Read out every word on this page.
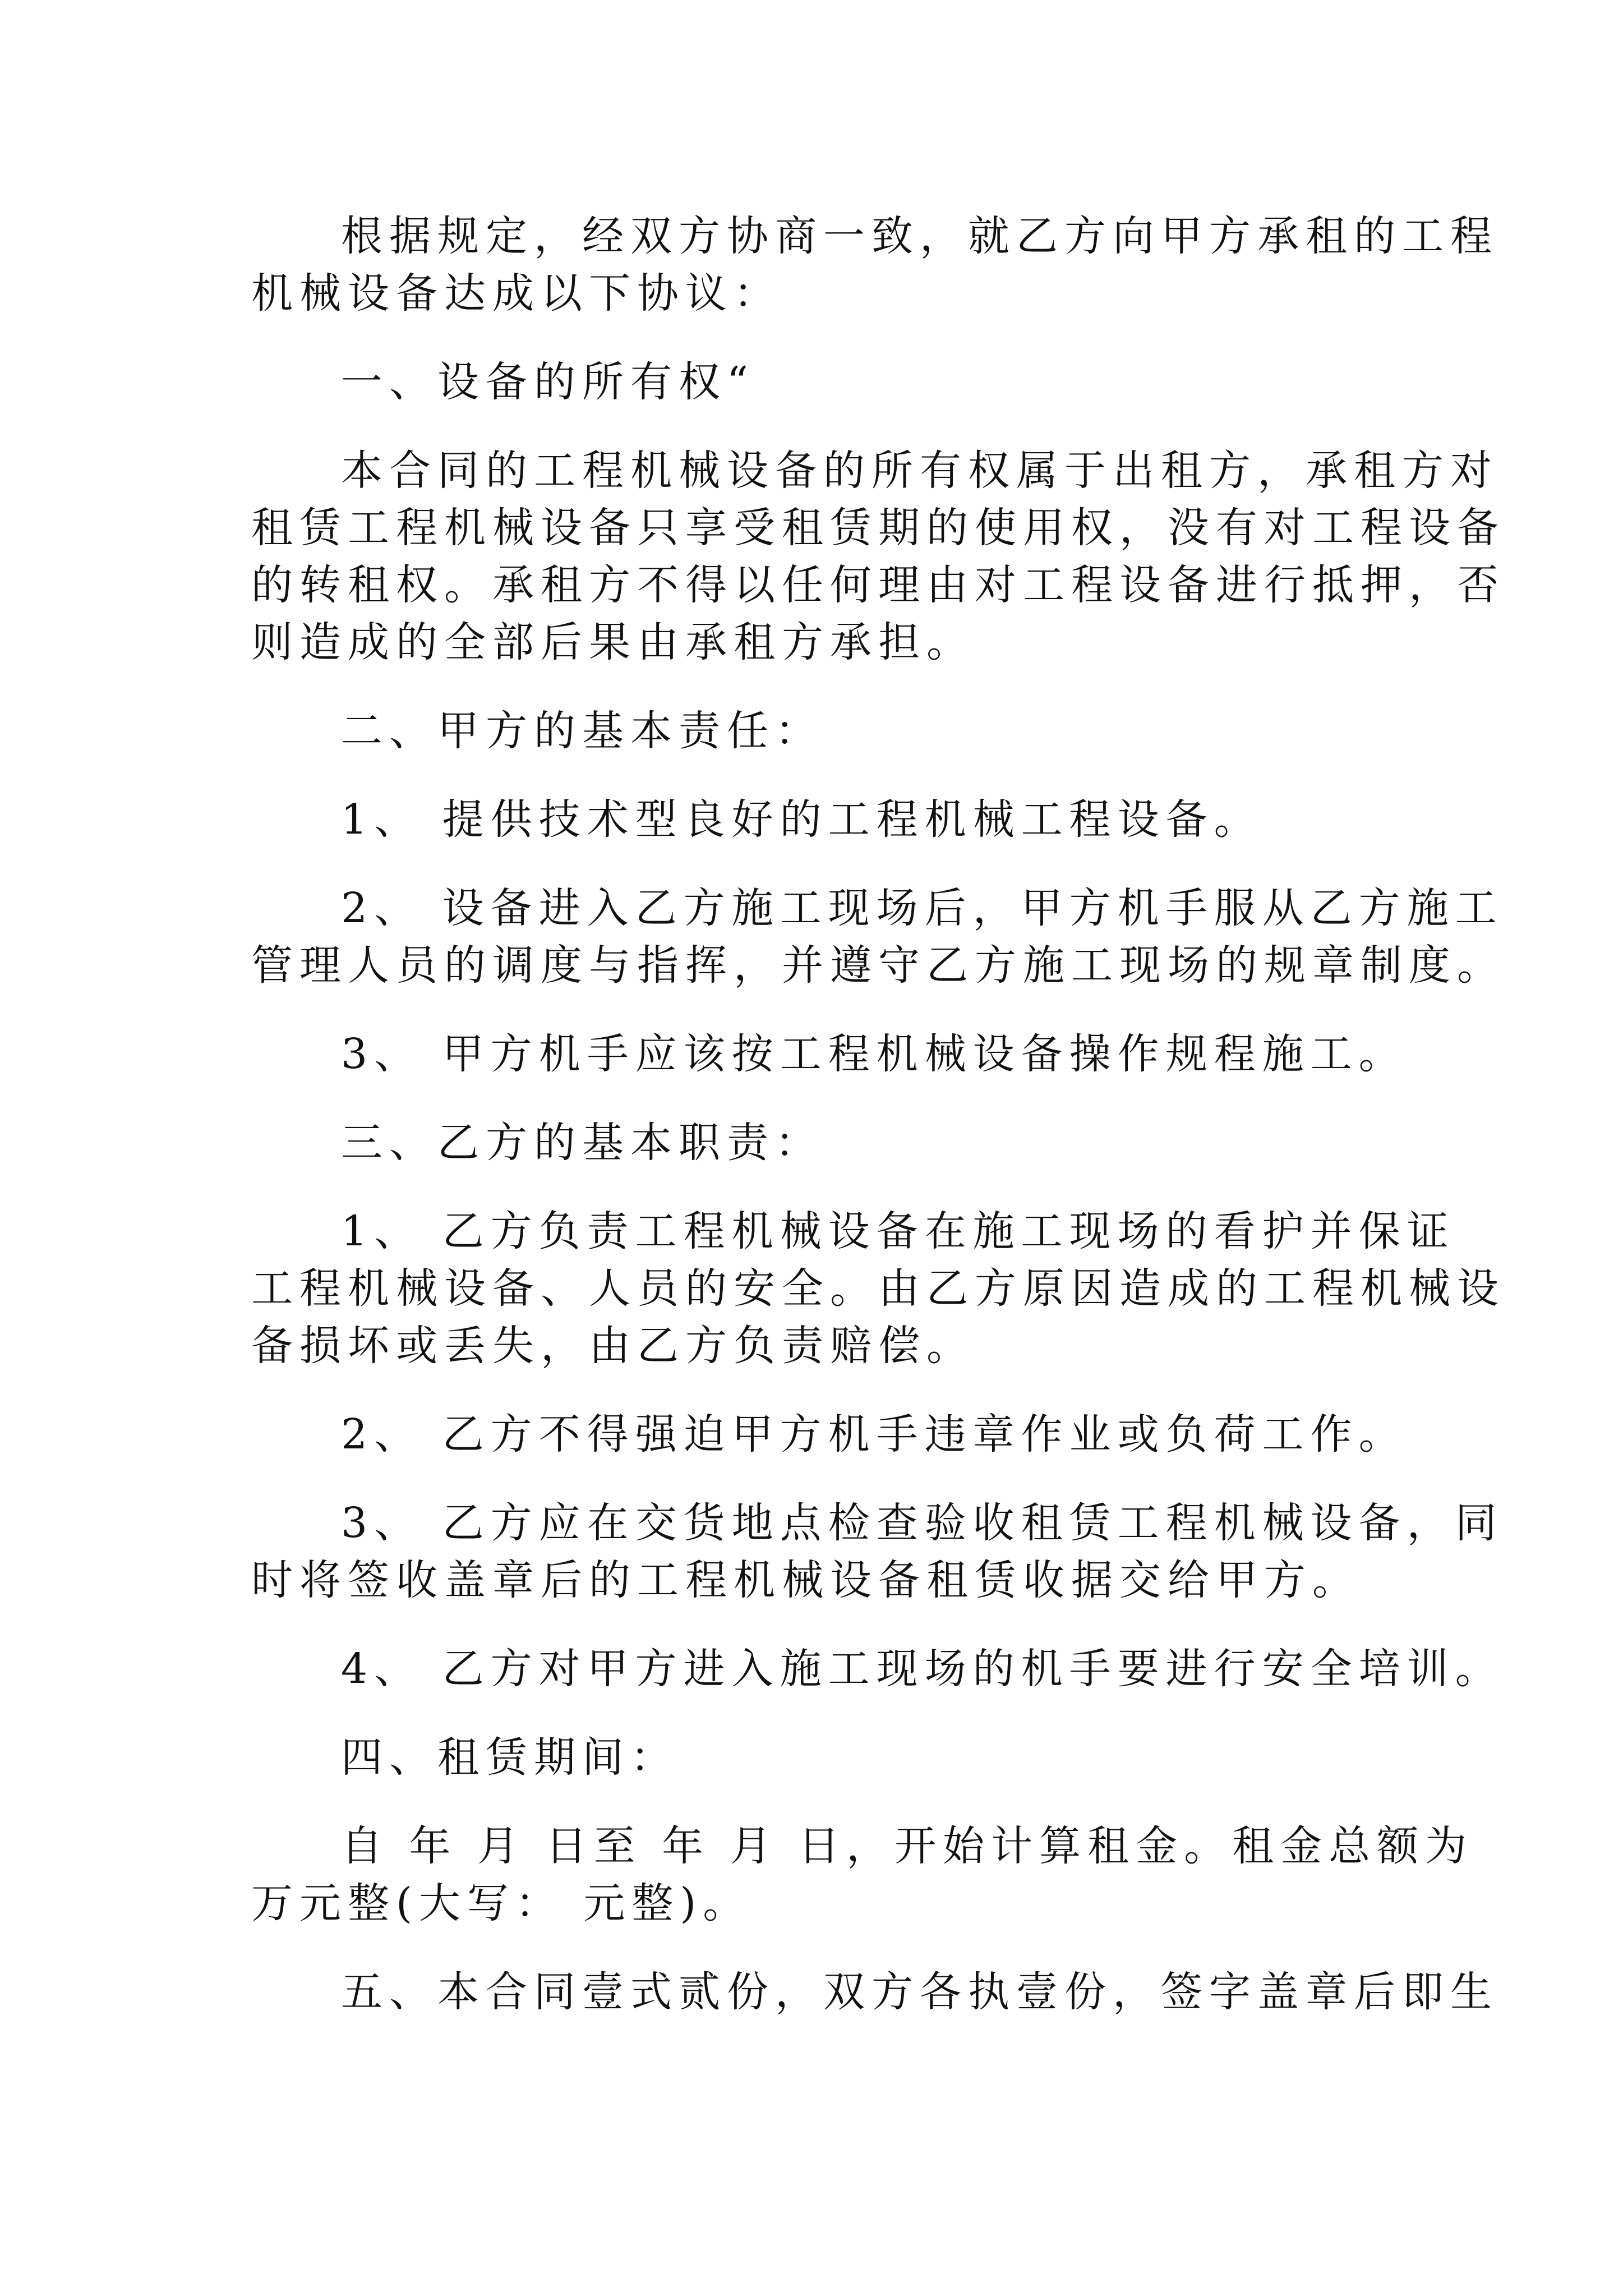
根据规定，经双方协商一致，就乙方向甲方承租的工程
机械设备达成以下协议：
一、设备的所有权“
本合同的工程机械设备的所有权属于出租方，承租方对
租赁工程机械设备只享受租赁期的使用权，没有对工程设备
的转租权。承租方不得以任何理由对工程设备进行抵押，否
则造成的全部后果由承租方承担。
二、甲方的基本责任：
1、 提供技术型良好的工程机械工程设备。
2、 设备进入乙方施工现场后，甲方机手服从乙方施工
管理人员的调度与指挥，并遵守乙方施工现场的规章制度。
3、 甲方机手应该按工程机械设备操作规程施工。
三、乙方的基本职责：
1、 乙方负责工程机械设备在施工现场的看护并保证
工程机械设备、人员的安全。由乙方原因造成的工程机械设
备损坏或丢失，由乙方负责赔偿。
2、 乙方不得强迫甲方机手违章作业或负荷工作。
3、 乙方应在交货地点检查验收租赁工程机械设备，同
时将签收盖章后的工程机械设备租赁收据交给甲方。
4、 乙方对甲方进入施工现场的机手要进行安全培训。
四、租赁期间：
自 年 月 日至 年 月 日，开始计算租金。租金总额为
万元整(大写： 元整)。
五、本合同壹式贰份，双方各执壹份，签字盖章后即生
